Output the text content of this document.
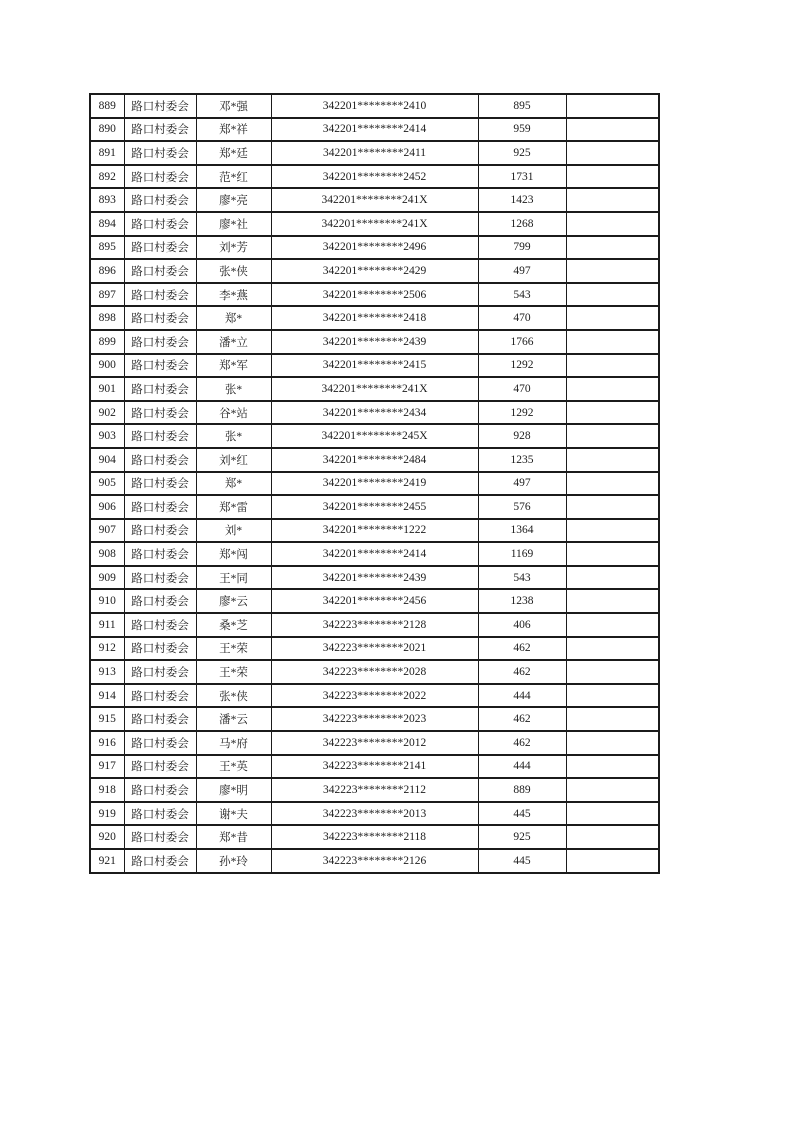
889	路口村委会	邓*强	342201********2410	895	
890	路口村委会	郑*祥	342201********2414	959	
891	路口村委会	郑*廷	342201********2411	925	
892	路口村委会	范*红	342201********2452	1731	
893	路口村委会	廖*亮	342201********241X	1423	
894	路口村委会	廖*社	342201********241X	1268	
895	路口村委会	刘*芳	342201********2496	799	
896	路口村委会	张*侠	342201********2429	497	
897	路口村委会	李*燕	342201********2506	543	
898	路口村委会	郑*	342201********2418	470	
899	路口村委会	潘*立	342201********2439	1766	
900	路口村委会	郑*军	342201********2415	1292	
901	路口村委会	张*	342201********241X	470	
902	路口村委会	谷*站	342201********2434	1292	
903	路口村委会	张*	342201********245X	928	
904	路口村委会	刘*红	342201********2484	1235	
905	路口村委会	郑*	342201********2419	497	
906	路口村委会	郑*雷	342201********2455	576	
907	路口村委会	刘*	342201********1222	1364	
908	路口村委会	郑*闯	342201********2414	1169	
909	路口村委会	王*同	342201********2439	543	
910	路口村委会	廖*云	342201********2456	1238	
911	路口村委会	桑*芝	342223********2128	406	
912	路口村委会	王*荣	342223********2021	462	
913	路口村委会	王*荣	342223********2028	462	
914	路口村委会	张*侠	342223********2022	444	
915	路口村委会	潘*云	342223********2023	462	
916	路口村委会	马*府	342223********2012	462	
917	路口村委会	王*英	342223********2141	444	
918	路口村委会	廖*明	342223********2112	889	
919	路口村委会	谢*夫	342223********2013	445	
920	路口村委会	郑*昔	342223********2118	925	
921	路口村委会	孙*玲	342223********2126	445	
